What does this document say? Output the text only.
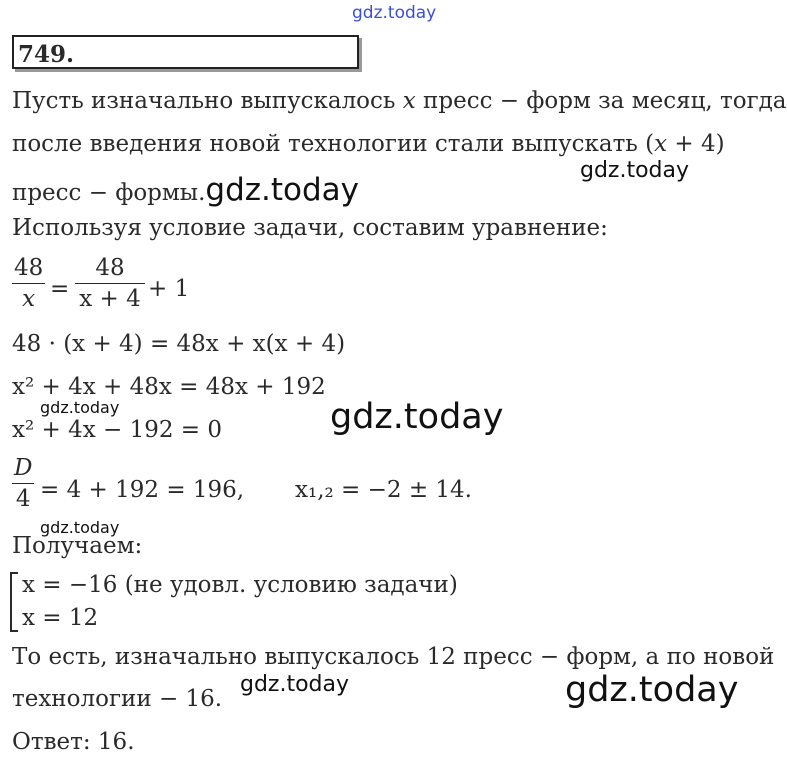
gdz.today
gdz.today
gdz.today	gdz.today
gdz.today
gdz.today	gdz.today
749.
Пусть изначально выпускалось x пресс − форм за месяц, тогда
после введения новой технологии стали выпускать (x + 4)
пресс − формы.gdz.today
Используя условие задачи, составим уравнение:
48
x =
48
x + 4 + 1
48 · (x + 4) = 48x + x(x + 4)
x² + 4x + 48x = 48x + 192
x² + 4x − 192 = 0
D
4 = 4 + 192 = 196, x₁,₂ = −2 ± 14.
Получаем:
x = −16 (не удовл. условию задачи)
x = 12
То есть, изначально выпускалось 12 пресс − форм, а по новой
технологии − 16.
Ответ: 16.
